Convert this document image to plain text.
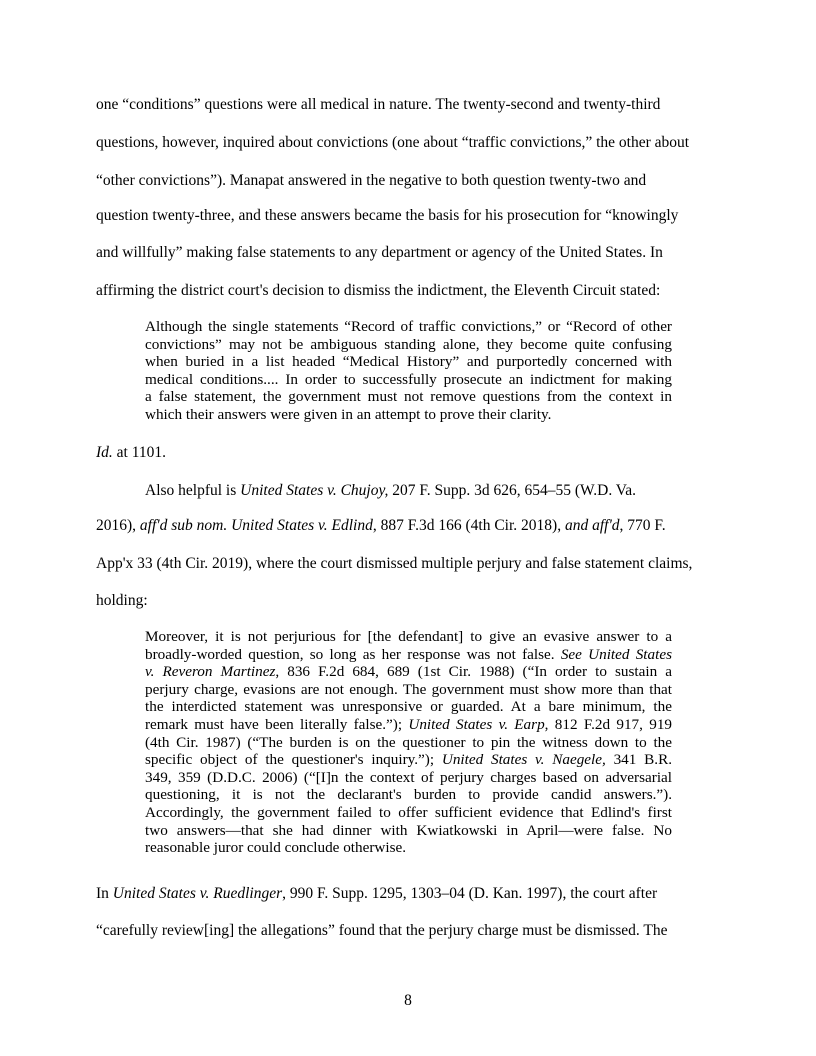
one “conditions” questions were all medical in nature. The twenty-second and twenty-third
questions, however, inquired about convictions (one about “traffic convictions,” the other about
“other convictions”). Manapat answered in the negative to both question twenty-two and
question twenty-three, and these answers became the basis for his prosecution for “knowingly
and willfully” making false statements to any department or agency of the United States. In
affirming the district court's decision to dismiss the indictment, the Eleventh Circuit stated:
Although the single statements “Record of traffic convictions,” or “Record of other
convictions” may not be ambiguous standing alone, they become quite confusing
when buried in a list headed “Medical History” and purportedly concerned with
medical conditions.... In order to successfully prosecute an indictment for making
a false statement, the government must not remove questions from the context in
which their answers were given in an attempt to prove their clarity.
Id. at 1101.
Also helpful is United States v. Chujoy, 207 F. Supp. 3d 626, 654–55 (W.D. Va.
2016), aff'd sub nom. United States v. Edlind, 887 F.3d 166 (4th Cir. 2018), and aff'd, 770 F.
App'x 33 (4th Cir. 2019), where the court dismissed multiple perjury and false statement claims,
holding:
Moreover, it is not perjurious for [the defendant] to give an evasive answer to a
broadly-worded question, so long as her response was not false. See United States
v. Reveron Martinez, 836 F.2d 684, 689 (1st Cir. 1988) (“In order to sustain a
perjury charge, evasions are not enough. The government must show more than that
the interdicted statement was unresponsive or guarded. At a bare minimum, the
remark must have been literally false.”); United States v. Earp, 812 F.2d 917, 919
(4th Cir. 1987) (“The burden is on the questioner to pin the witness down to the
specific object of the questioner's inquiry.”); United States v. Naegele, 341 B.R.
349, 359 (D.D.C. 2006) (“[I]n the context of perjury charges based on adversarial
questioning, it is not the declarant's burden to provide candid answers.”).
Accordingly, the government failed to offer sufficient evidence that Edlind's first
two answers—that she had dinner with Kwiatkowski in April—were false. No
reasonable juror could conclude otherwise.
In United States v. Ruedlinger, 990 F. Supp. 1295, 1303–04 (D. Kan. 1997), the court after
“carefully review[ing] the allegations” found that the perjury charge must be dismissed. The
8
